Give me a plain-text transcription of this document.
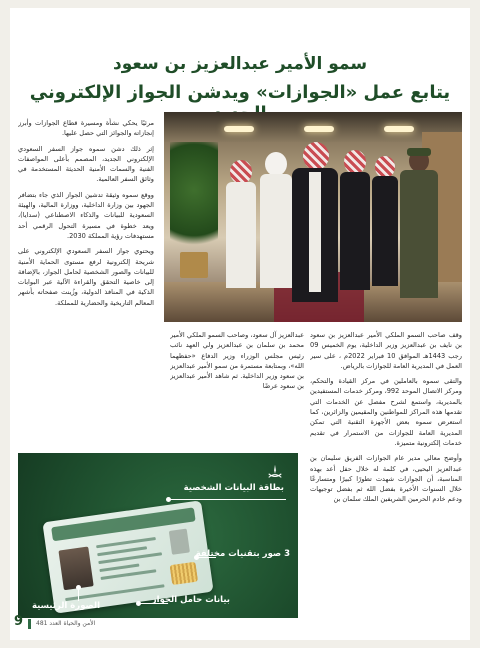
سمو الأمير عبدالعزيز بن سعود
يتابع عمل «الجوازات» ويدشن الجواز الإلكتروني

مرئيًا يحكي نشأة ومسيرة قطاع الجوازات وأبرز إنجازاته والجوائز التي حصل عليها.

إثر ذلك دشن سموه جواز السفر السعودي الإلكتروني الجديد، المصمم بأعلى المواصفات الفنية والسمات الأمنية الحديثة المستخدمة في وثائق السفر العالمية.

ووقع سموه وثيقة تدشين الجواز الذي جاء بتضافر الجهود بين وزارة الداخلية، ووزارة المالية، والهيئة السعودية للبيانات والذكاء الاصطناعي (سدايا)، ويعد خطوة في مسيرة التحول الرقمي أحد مستهدفات رؤية المملكة 2030.

ويحتوي جواز السفر السعودي الإلكتروني على شريحة إلكترونية لرفع مستوى الحماية الأمنية للبيانات والصور الشخصية لحامل الجواز، بالإضافة إلى خاصية التحقق والقراءة الآلية عبر البوابات الذكية في المنافذ الدولية، وزُينت صفحاته بأشهر المعالم التاريخية والحضارية للمملكة.

عبدالعزيز آل سعود، وصاحب السمو الملكي الأمير محمد بن سلمان بن عبدالعزيز ولي العهد نائب رئيس مجلس الوزراء وزير الدفاع «حفظهما الله»، وبمتابعة مستمرة من سمو الأمير عبدالعزيز بن سعود وزير الداخلية. ثم شاهد الأمير عبدالعزيز بن سعود عرضًا

وقف صاحب السمو الملكي الأمير عبدالعزيز بن سعود بن نايف بن عبدالعزيز وزير الداخلية، يوم الخميس 09 رجب 1443هـ الموافق 10 فبراير 2022م ، على سير العمل في المديرية العامة للجوازات بالرياض.

والتقى سموه بالعاملين في مركز القيادة والتحكم، ومركز الاتصال الموحد 992، ومركز خدمات المستفيدين بالمديرية، واستمع لشرح مفصل عن الخدمات التي تقدمها هذه المراكز للمواطنين والمقيمين والزائرين، كما استعرض سموه بعض الأجهزة التقنية التي تمكن المديرية العامة للجوازات من الاستمرار في تقديم خدمات إلكترونية متميزة.

وأوضح معالي مدير عام الجوازات الفريق سليمان بن عبدالعزيز اليحيى، في كلمة له خلال حفل أعد بهذه المناسبة، أن الجوازات شهدت تطورًا كبيرًا ومتسارعًا خلال السنوات الأخيرة بفضل الله ثم بفضل توجيهات ودعم خادم الحرمين الشريفين الملك سلمان بن

بطاقة البيانات الشخصية
3 صور بتقنيات مختلفة
بيانات حامل الجواز
الصورة الرئيسية
9 الأمن والحياة العدد 481
